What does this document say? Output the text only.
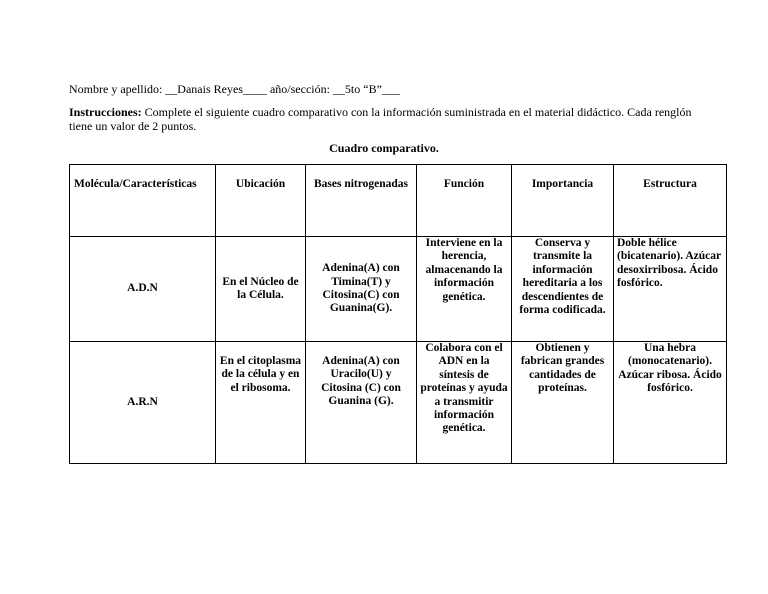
Nombre y apellido: __Danais Reyes____ año/sección: __5to “B”___
Instrucciones: Complete el siguiente cuadro comparativo con la información suministrada en el material didáctico. Cada renglón tiene un valor de 2 puntos.
Cuadro comparativo.
Molécula/Características	Ubicación	Bases nitrogenadas	Función	Importancia	Estructura
A.D.N	En el Núcleo de la Célula.	Adenina(A) con Timina(T) y Citosina(C) con Guanina(G).	Interviene en la herencia, almacenando la información genética.	Conserva y transmite la información hereditaria a los descendientes de forma codificada.	Doble hélice (bicatenario). Azúcar desoxirribosa. Ácido fosfórico.
A.R.N	En el citoplasma de la célula y en el ribosoma.	Adenina(A) con Uracilo(U) y Citosina (C) con Guanina (G).	Colabora con el ADN en la síntesis de proteínas y ayuda a transmitir información genética.	Obtienen y fabrican grandes cantidades de proteínas.	Una hebra (monocatenario). Azúcar ribosa. Ácido fosfórico.
